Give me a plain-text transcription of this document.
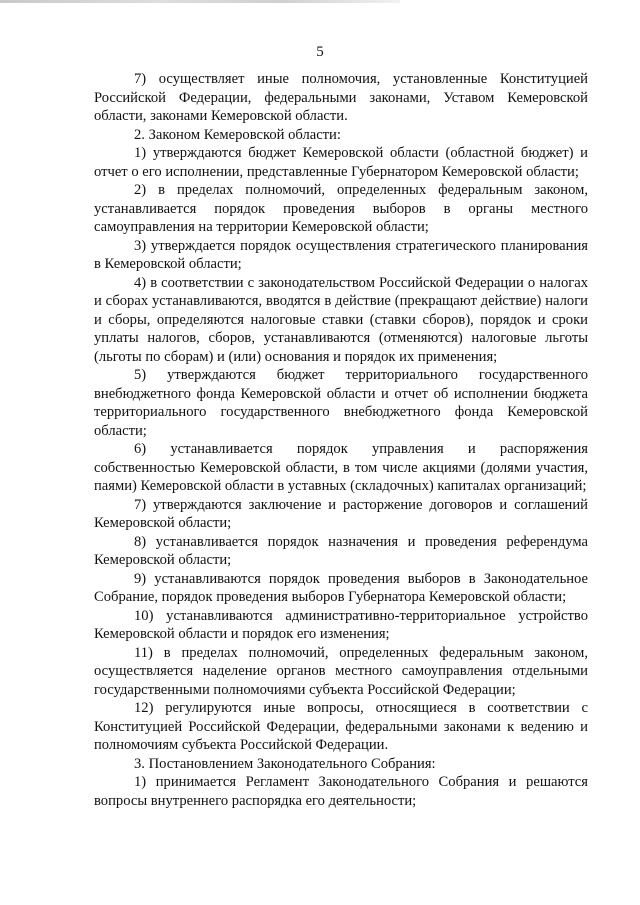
5

7) осуществляет иные полномочия, установленные Конституцией Российской Федерации, федеральными законами, Уставом Кемеровской области, законами Кемеровской области.

2. Законом Кемеровской области:

1) утверждаются бюджет Кемеровской области (областной бюджет) и отчет о его исполнении, представленные Губернатором Кемеровской области;

2) в пределах полномочий, определенных федеральным законом, устанавливается порядок проведения выборов в органы местного самоуправления на территории Кемеровской области;

3) утверждается порядок осуществления стратегического планирования в Кемеровской области;

4) в соответствии с законодательством Российской Федерации о налогах и сборах устанавливаются, вводятся в действие (прекращают действие) налоги и сборы, определяются налоговые ставки (ставки сборов), порядок и сроки уплаты налогов, сборов, устанавливаются (отменяются) налоговые льготы (льготы по сборам) и (или) основания и порядок их применения;

5) утверждаются бюджет территориального государственного внебюджетного фонда Кемеровской области и отчет об исполнении бюджета территориального государственного внебюджетного фонда Кемеровской области;

6) устанавливается порядок управления и распоряжения собственностью Кемеровской области, в том числе акциями (долями участия, паями) Кемеровской области в уставных (складочных) капиталах организаций;

7) утверждаются заключение и расторжение договоров и соглашений Кемеровской области;

8) устанавливается порядок назначения и проведения референдума Кемеровской области;

9) устанавливаются порядок проведения выборов в Законодательное Собрание, порядок проведения выборов Губернатора Кемеровской области;

10) устанавливаются административно-территориальное устройство Кемеровской области и порядок его изменения;

11) в пределах полномочий, определенных федеральным законом, осуществляется наделение органов местного самоуправления отдельными государственными полномочиями субъекта Российской Федерации;

12) регулируются иные вопросы, относящиеся в соответствии с Конституцией Российской Федерации, федеральными законами к ведению и полномочиям субъекта Российской Федерации.

3. Постановлением Законодательного Собрания:

1) принимается Регламент Законодательного Собрания и решаются вопросы внутреннего распорядка его деятельности;
